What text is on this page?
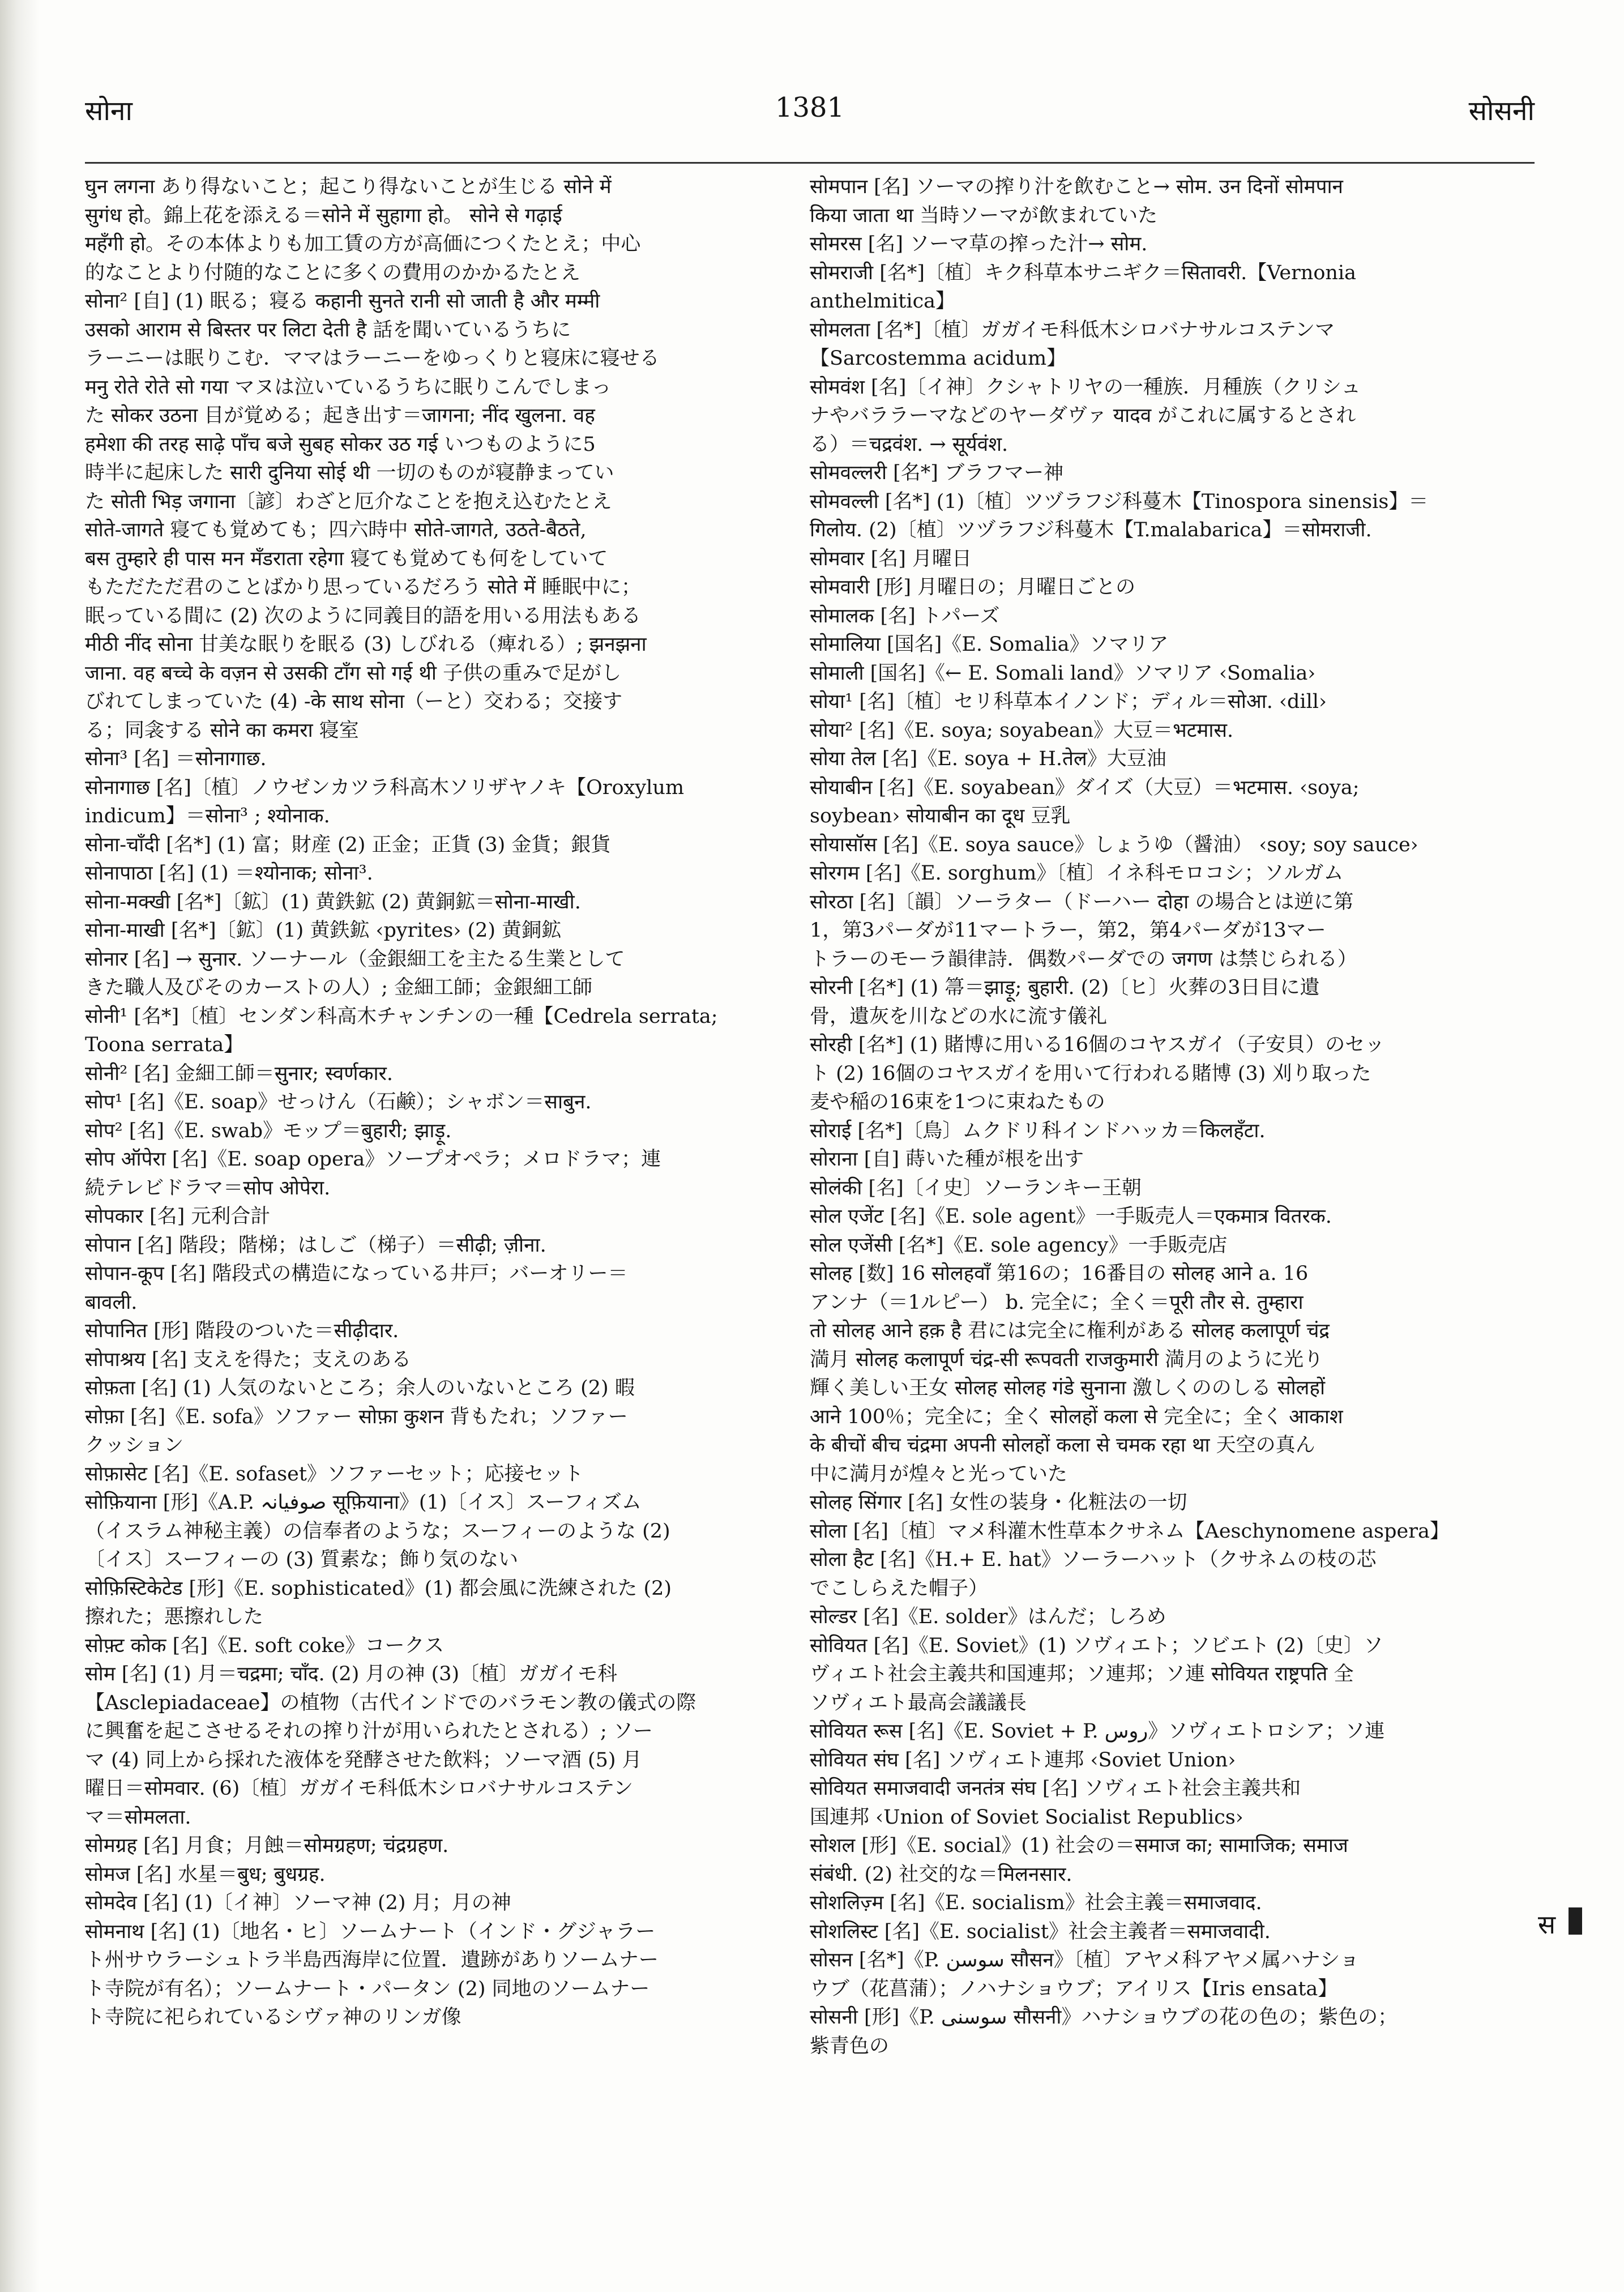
सोना	1381	सोसनी
घुन लगना あり得ないこと；起こり得ないことが生じる सोने में
सुगंध हो。錦上花を添える＝सोने में सुहागा हो。 सोने से गढ़ाई
महँगी हो。その本体よりも加工賃の方が高価につくたとえ；中心
的なことより付随的なことに多くの費用のかかるたとえ
सोना² [自] (1) 眠る；寝る कहानी सुनते रानी सो जाती है और मम्मी
उसको आराम से बिस्तर पर लिटा देती है 話を聞いているうちに
ラーニーは眠りこむ．ママはラーニーをゆっくりと寝床に寝せる
मनु रोते रोते सो गया マヌは泣いているうちに眠りこんでしまっ
た सोकर उठना 目が覚める；起き出す＝जागना; नींद खुलना. वह
हमेशा की तरह साढ़े पाँच बजे सुबह सोकर उठ गई いつものように5
時半に起床した सारी दुनिया सोई थी 一切のものが寝静まってい
た सोती भिड़ जगाना〔諺〕わざと厄介なことを抱え込むたとえ
सोते-जागते 寝ても覚めても；四六時中 सोते-जागते, उठते-बैठते,
बस तुम्हारे ही पास मन मँडराता रहेगा 寝ても覚めても何をしていて
もただただ君のことばかり思っているだろう सोते में 睡眠中に；
眠っている間に (2) 次のように同義目的語を用いる用法もある
मीठी नींद सोना 甘美な眠りを眠る (3) しびれる（痺れる）; झनझना
जाना. वह बच्चे के वज़न से उसकी टाँग सो गई थी 子供の重みで足がし
びれてしまっていた (4) -के साथ सोना（ーと）交わる；交接す
る；同衾する सोने का कमरा 寝室
सोना³ [名] ＝सोनागाछ.
सोनागाछ [名]〔植〕ノウゼンカツラ科高木ソリザヤノキ【Oroxylum
indicum】＝सोना³ ; श्योनाक.
सोना-चाँदी [名*] (1) 富；財産 (2) 正金；正貨 (3) 金貨；銀貨
सोनापाठा [名] (1) ＝श्योनाक; सोना³.
सोना-मक्खी [名*]〔鉱〕(1) 黄鉄鉱 (2) 黄銅鉱＝सोना-माखी.
सोना-माखी [名*]〔鉱〕(1) 黄鉄鉱 ‹pyrites› (2) 黄銅鉱
सोनार [名] → सुनार. ソーナール（金銀細工を主たる生業として
きた職人及びそのカーストの人）; 金細工師；金銀細工師
सोनी¹ [名*]〔植〕センダン科高木チャンチンの一種【Cedrela serrata;
Toona serrata】
सोनी² [名] 金細工師＝सुनार; स्वर्णकार.
सोप¹ [名]《E. soap》せっけん（石鹸）；シャボン＝साबुन.
सोप² [名]《E. swab》モップ＝बुहारी; झाड़ू.
सोप ऑपेरा [名]《E. soap opera》ソープオペラ；メロドラマ；連
続テレビドラマ＝सोप ओपेरा.
सोपकार [名] 元利合計
सोपान [名] 階段；階梯；はしご（梯子）＝सीढ़ी; ज़ीना.
सोपान-कूप [名] 階段式の構造になっている井戸；バーオリー＝
बावली.
सोपानित [形] 階段のついた＝सीढ़ीदार.
सोपाश्रय [名] 支えを得た；支えのある
सोफ़ता [名] (1) 人気のないところ；余人のいないところ (2) 暇
सोफ़ा [名]《E. sofa》ソファー सोफ़ा कुशन 背もたれ；ソファー
クッション
सोफ़ासेट [名]《E. sofaset》ソファーセット；応接セット
सोफ़ियाना [形]《A.P. صوفیانہ सूफ़ियाना》(1)〔イス〕スーフィズム
（イスラム神秘主義）の信奉者のような；スーフィーのような (2)
〔イス〕スーフィーの (3) 質素な；飾り気のない
सोफ़िस्टिकेटेड [形]《E. sophisticated》(1) 都会風に洗練された (2)
擦れた；悪擦れした
सोफ़्ट कोक [名]《E. soft coke》コークス
सोम [名] (1) 月＝चद्रमा; चाँद. (2) 月の神 (3)〔植〕ガガイモ科
【Asclepiadaceae】の植物（古代インドでのバラモン教の儀式の際
に興奮を起こさせるそれの搾り汁が用いられたとされる）; ソー
マ (4) 同上から採れた液体を発酵させた飲料；ソーマ酒 (5) 月
曜日＝सोमवार. (6)〔植〕ガガイモ科低木シロバナサルコステン
マ＝सोमलता.
सोमग्रह [名] 月食；月蝕＝सोमग्रहण; चंद्रग्रहण.
सोमज [名] 水星＝बुध; बुधग्रह.
सोमदेव [名] (1)〔イ神〕ソーマ神 (2) 月；月の神
सोमनाथ [名] (1)〔地名・ヒ〕ソームナート（インド・グジャラー
ト州サウラーシュトラ半島西海岸に位置．遺跡がありソームナー
ト寺院が有名）；ソームナート・パータン (2) 同地のソームナー
ト寺院に祀られているシヴァ神のリンガ像
सोमपान [名] ソーマの搾り汁を飲むこと→ सोम. उन दिनों सोमपान
किया जाता था 当時ソーマが飲まれていた
सोमरस [名] ソーマ草の搾った汁→ सोम.
सोमराजी [名*]〔植〕キク科草本サニギク＝सितावरी.【Vernonia
anthelmitica】
सोमलता [名*]〔植〕ガガイモ科低木シロバナサルコステンマ
【Sarcostemma acidum】
सोमवंश [名]〔イ神〕クシャトリヤの一種族．月種族（クリシュ
ナやバララーマなどのヤーダヴァ यादव がこれに属するとされ
る）＝चद्रवंश. → सूर्यवंश.
सोमवल्लरी [名*] ブラフマー神
सोमवल्ली [名*] (1)〔植〕ツヅラフジ科蔓木【Tinospora sinensis】＝
गिलोय. (2)〔植〕ツヅラフジ科蔓木【T.malabarica】＝सोमराजी.
सोमवार [名] 月曜日
सोमवारी [形] 月曜日の；月曜日ごとの
सोमालक [名] トパーズ
सोमालिया [国名]《E. Somalia》ソマリア
सोमाली [国名]《← E. Somali land》ソマリア ‹Somalia›
सोया¹ [名]〔植〕セリ科草本イノンド；ディル＝सोआ. ‹dill›
सोया² [名]《E. soya; soyabean》大豆＝भटमास.
सोया तेल [名]《E. soya + H.तेल》大豆油
सोयाबीन [名]《E. soyabean》ダイズ（大豆）＝भटमास. ‹soya;
soybean› सोयाबीन का दूध 豆乳
सोयासॉस [名]《E. soya sauce》しょうゆ（醤油） ‹soy; soy sauce›
सोरगम [名]《E. sorghum》〔植〕イネ科モロコシ；ソルガム
सोरठा [名]〔韻〕ソーラター（ドーハー दोहा の場合とは逆に第
1，第3パーダが11マートラー，第2，第4パーダが13マー
トラーのモーラ韻律詩．偶数パーダでの जगण は禁じられる）
सोरनी [名*] (1) 箒＝झाड़ू; बुहारी. (2)〔ヒ〕火葬の3日目に遺
骨，遺灰を川などの水に流す儀礼
सोरही [名*] (1) 賭博に用いる16個のコヤスガイ（子安貝）のセッ
ト (2) 16個のコヤスガイを用いて行われる賭博 (3) 刈り取った
麦や稲の16束を1つに束ねたもの
सोराई [名*]〔鳥〕ムクドリ科インドハッカ＝किलहँटा.
सोराना [自] 蒔いた種が根を出す
सोलंकी [名]〔イ史〕ソーランキー王朝
सोल एजेंट [名]《E. sole agent》一手販売人＝एकमात्र वितरक.
सोल एजेंसी [名*]《E. sole agency》一手販売店
सोलह [数] 16 सोलहवाँ 第16の；16番目の सोलह आने a. 16
アンナ（＝1ルピー） b. 完全に；全く＝पूरी तौर से. तुम्हारा
तो सोलह आने हक़ है 君には完全に権利がある सोलह कलापूर्ण चंद्र
満月 सोलह कलापूर्ण चंद्र-सी रूपवती राजकुमारी 満月のように光り
輝く美しい王女 सोलह सोलह गंडे सुनाना 激しくののしる सोलहों
आने 100％；完全に；全く सोलहों कला से 完全に；全く आकाश
के बीचों बीच चंद्रमा अपनी सोलहों कला से चमक रहा था 天空の真ん
中に満月が煌々と光っていた
सोलह सिंगार [名] 女性の装身・化粧法の一切
सोला [名]〔植〕マメ科灌木性草本クサネム【Aeschynomene aspera】
सोला हैट [名]《H.+ E. hat》ソーラーハット（クサネムの枝の芯
でこしらえた帽子）
सोल्डर [名]《E. solder》はんだ；しろめ
सोवियत [名]《E. Soviet》(1) ソヴィエト；ソビエト (2)〔史〕ソ
ヴィエト社会主義共和国連邦；ソ連邦；ソ連 सोवियत राष्ट्रपति 全
ソヴィエト最高会議議長
सोवियत रूस [名]《E. Soviet + P. روس》ソヴィエトロシア；ソ連
सोवियत संघ [名] ソヴィエト連邦 ‹Soviet Union›
सोवियत समाजवादी जनतंत्र संघ [名] ソヴィエト社会主義共和
国連邦 ‹Union of Soviet Socialist Republics›
सोशल [形]《E. social》(1) 社会の＝समाज का; सामाजिक; समाज
संबंधी. (2) 社交的な＝मिलनसार.
सोशलिज़्म [名]《E. socialism》社会主義＝समाजवाद.
सोशलिस्ट [名]《E. socialist》社会主義者＝समाजवादी.
सोसन [名*]《P. سوسن सौसन》〔植〕アヤメ科アヤメ属ハナショ
ウブ（花菖蒲）；ノハナショウブ；アイリス【Iris ensata】
सोसनी [形]《P. سوسنی सौसनी》ハナショウブの花の色の；紫色の；
紫青色の
स
